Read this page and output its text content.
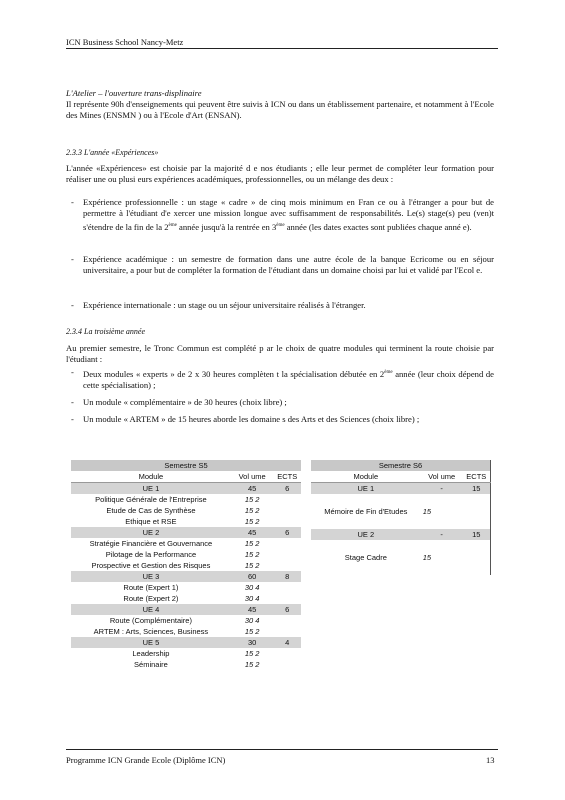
ICN Business School Nancy-Metz
L'Atelier – l'ouverture trans-displinaire
Il représente 90h d'enseignements qui peuvent être suivis à ICN ou dans un établissement partenaire, et notamment à l'Ecole des Mines (ENSMN ) ou à l'Ecole d'Art (ENSAN).
2.3.3 L'année «Expériences»
L'année «Expériences» est choisie par la majorité d e nos étudiants ; elle leur permet de compléter leur formation pour réaliser une ou plusi eurs expériences académiques, professionnelles, ou un mélange des deux :
- Expérience professionnelle : un stage « cadre » de cinq mois minimum en Fran ce ou à l'étranger a pour but de permettre à l'étudiant d'e xercer une mission longue avec suffisamment de responsabilités. Le(s) stage(s) peu (ven)t s'étendre de la fin de la 2ème année jusqu'à la rentrée en 3ème année (les dates exactes sont publiées chaque anné e).
- Expérience académique : un semestre de formation dans une autre école de la banque Ecricome ou en séjour universitaire, a pour but de compléter la formation de l'étudiant dans un domaine choisi par lui et validé par l'Ecol e.
- Expérience internationale : un stage ou un séjour universitaire réalisés à l'étranger.
2.3.4 La troisième année
Au premier semestre, le Tronc Commun est complété p ar le choix de quatre modules qui terminent la route choisie par l'étudiant :
- Deux modules « experts » de 2 x 30 heures complèten t la spécialisation débutée en 2ème année (leur choix dépend de cette spécialisation) ;
- Un module « complémentaire » de 30 heures (choix libre) ;
- Un module « ARTEM » de 15 heures aborde les domaine s des Arts et des Sciences (choix libre) ;
Semestre S5		
Module	Vol ume	ECTS
UE 1	45	6
Politique Générale de l'Entreprise	15 2	
Etude de Cas de Synthèse	15 2	
Ethique et RSE	15 2	
UE 2	45	6
Stratégie Financière et Gouvernance	15 2	
Pilotage de la Performance	15 2	
Prospective et Gestion des Risques	15 2	
UE 3	60	8
Route (Expert 1)	30 4	
Route (Expert 2)	30 4	
UE 4	45	6
Route (Complémentaire)	30 4	
ARTEM : Arts, Sciences, Business	15 2	
UE 5	30	4
Leadership	15 2	
Séminaire	15 2	
Semestre S6		
Module	Vol ume	ECTS
UE 1	-	15
Mémoire de Fin d'Etudes	15	
UE 2	-	15
Stage Cadre	15	
Programme ICN Grande Ecole (Diplôme ICN)	13
